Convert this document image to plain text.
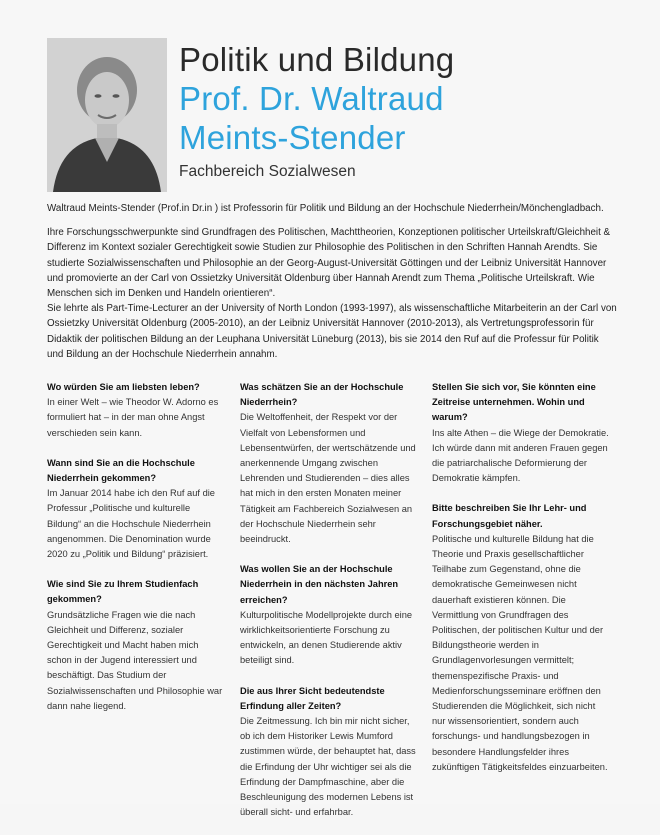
Politik und Bildung
Prof. Dr. Waltraud
Meints-Stender
Fachbereich Sozialwesen

Waltraud Meints-Stender (Prof.in Dr.in ) ist Professorin für Politik und Bildung an der Hochschule Niederrhein/Mönchengladbach.

Ihre Forschungsschwerpunkte sind Grundfragen des Politischen, Machttheorien, Konzeptionen politischer Urteilskraft/Gleichheit & Differenz im Kontext sozialer Gerechtigkeit sowie Studien zur Philosophie des Politischen in den Schriften Hannah Arendts. Sie studierte Sozialwissenschaften und Philosophie an der Georg-August-Universität Göttingen und der Leibniz Universität Hannover und promovierte an der Carl von Ossietzky Universität Oldenburg über Hannah Arendt zum Thema „Politische Urteilskraft. Wie Menschen sich im Denken und Handeln orientieren“.

Sie lehrte als Part-Time-Lecturer an der University of North London (1993-1997), als wissenschaftliche Mitarbeiterin an der Carl von Ossietzky Universität Oldenburg (2005-2010), an der Leibniz Universität Hannover (2010-2013), als Vertretungsprofessorin für Didaktik der politischen Bildung an der Leuphana Universität Lüneburg (2013), bis sie 2014 den Ruf auf die Professur für Politik und Bildung an der Hochschule Niederrhein annahm.

Wo würden Sie am liebsten leben?

In einer Welt – wie Theodor W. Adorno es formuliert hat – in der man ohne Angst verschieden sein kann.

Wann sind Sie an die Hochschule Niederrhein gekommen?

Im Januar 2014 habe ich den Ruf auf die Professur „Politische und kulturelle Bildung“ an die Hochschule Niederrhein angenommen. Die Denomination wurde 2020 zu „Politik und Bildung“ präzisiert.

Wie sind Sie zu Ihrem Studienfach gekommen?

Grundsätzliche Fragen wie die nach Gleichheit und Differenz, sozialer Gerechtigkeit und Macht haben mich schon in der Jugend interessiert und beschäftigt. Das Studium der Sozialwissenschaften und Philosophie war dann nahe liegend.

Was schätzen Sie an der Hochschule Niederrhein?

Die Weltoffenheit, der Respekt vor der Vielfalt von Lebensformen und Lebensentwürfen, der wertschätzende und anerkennende Umgang zwischen Lehrenden und Studierenden – dies alles hat mich in den ersten Monaten meiner Tätigkeit am Fachbereich Sozialwesen an der Hochschule Niederrhein sehr beeindruckt.

Was wollen Sie an der Hochschule Niederrhein in den nächsten Jahren erreichen?

Kulturpolitische Modellprojekte durch eine wirklichkeitsorientierte Forschung zu entwickeln, an denen Studierende aktiv beteiligt sind.

Die aus Ihrer Sicht bedeutendste Erfindung aller Zeiten?

Die Zeitmessung. Ich bin mir nicht sicher, ob ich dem Historiker Lewis Mumford zustimmen würde, der behauptet hat, dass die Erfindung der Uhr wichtiger sei als die Erfindung der Dampfmaschine, aber die Beschleunigung des modernen Lebens ist überall sicht- und erfahrbar.

Stellen Sie sich vor, Sie könnten eine Zeitreise unternehmen. Wohin und warum?

Ins alte Athen – die Wiege der Demokratie. Ich würde dann mit anderen Frauen gegen die patriarchalische Deformierung der Demokratie kämpfen.

Bitte beschreiben Sie Ihr Lehr- und Forschungsgebiet näher.

Politische und kulturelle Bildung hat die Theorie und Praxis gesellschaftlicher Teilhabe zum Gegenstand, ohne die demokratische Gemeinwesen nicht dauerhaft existieren können. Die Vermittlung von Grundfragen des Politischen, der politischen Kultur und der Bildungstheorie werden in Grundlagenvorlesungen vermittelt; themenspezifische Praxis- und Medienforschungsseminare eröffnen den Studierenden die Möglichkeit, sich nicht nur wissensorientiert, sondern auch forschungs- und handlungsbezogen in besondere Handlungsfelder ihres zukünftigen Tätigkeitsfeldes einzuarbeiten.
